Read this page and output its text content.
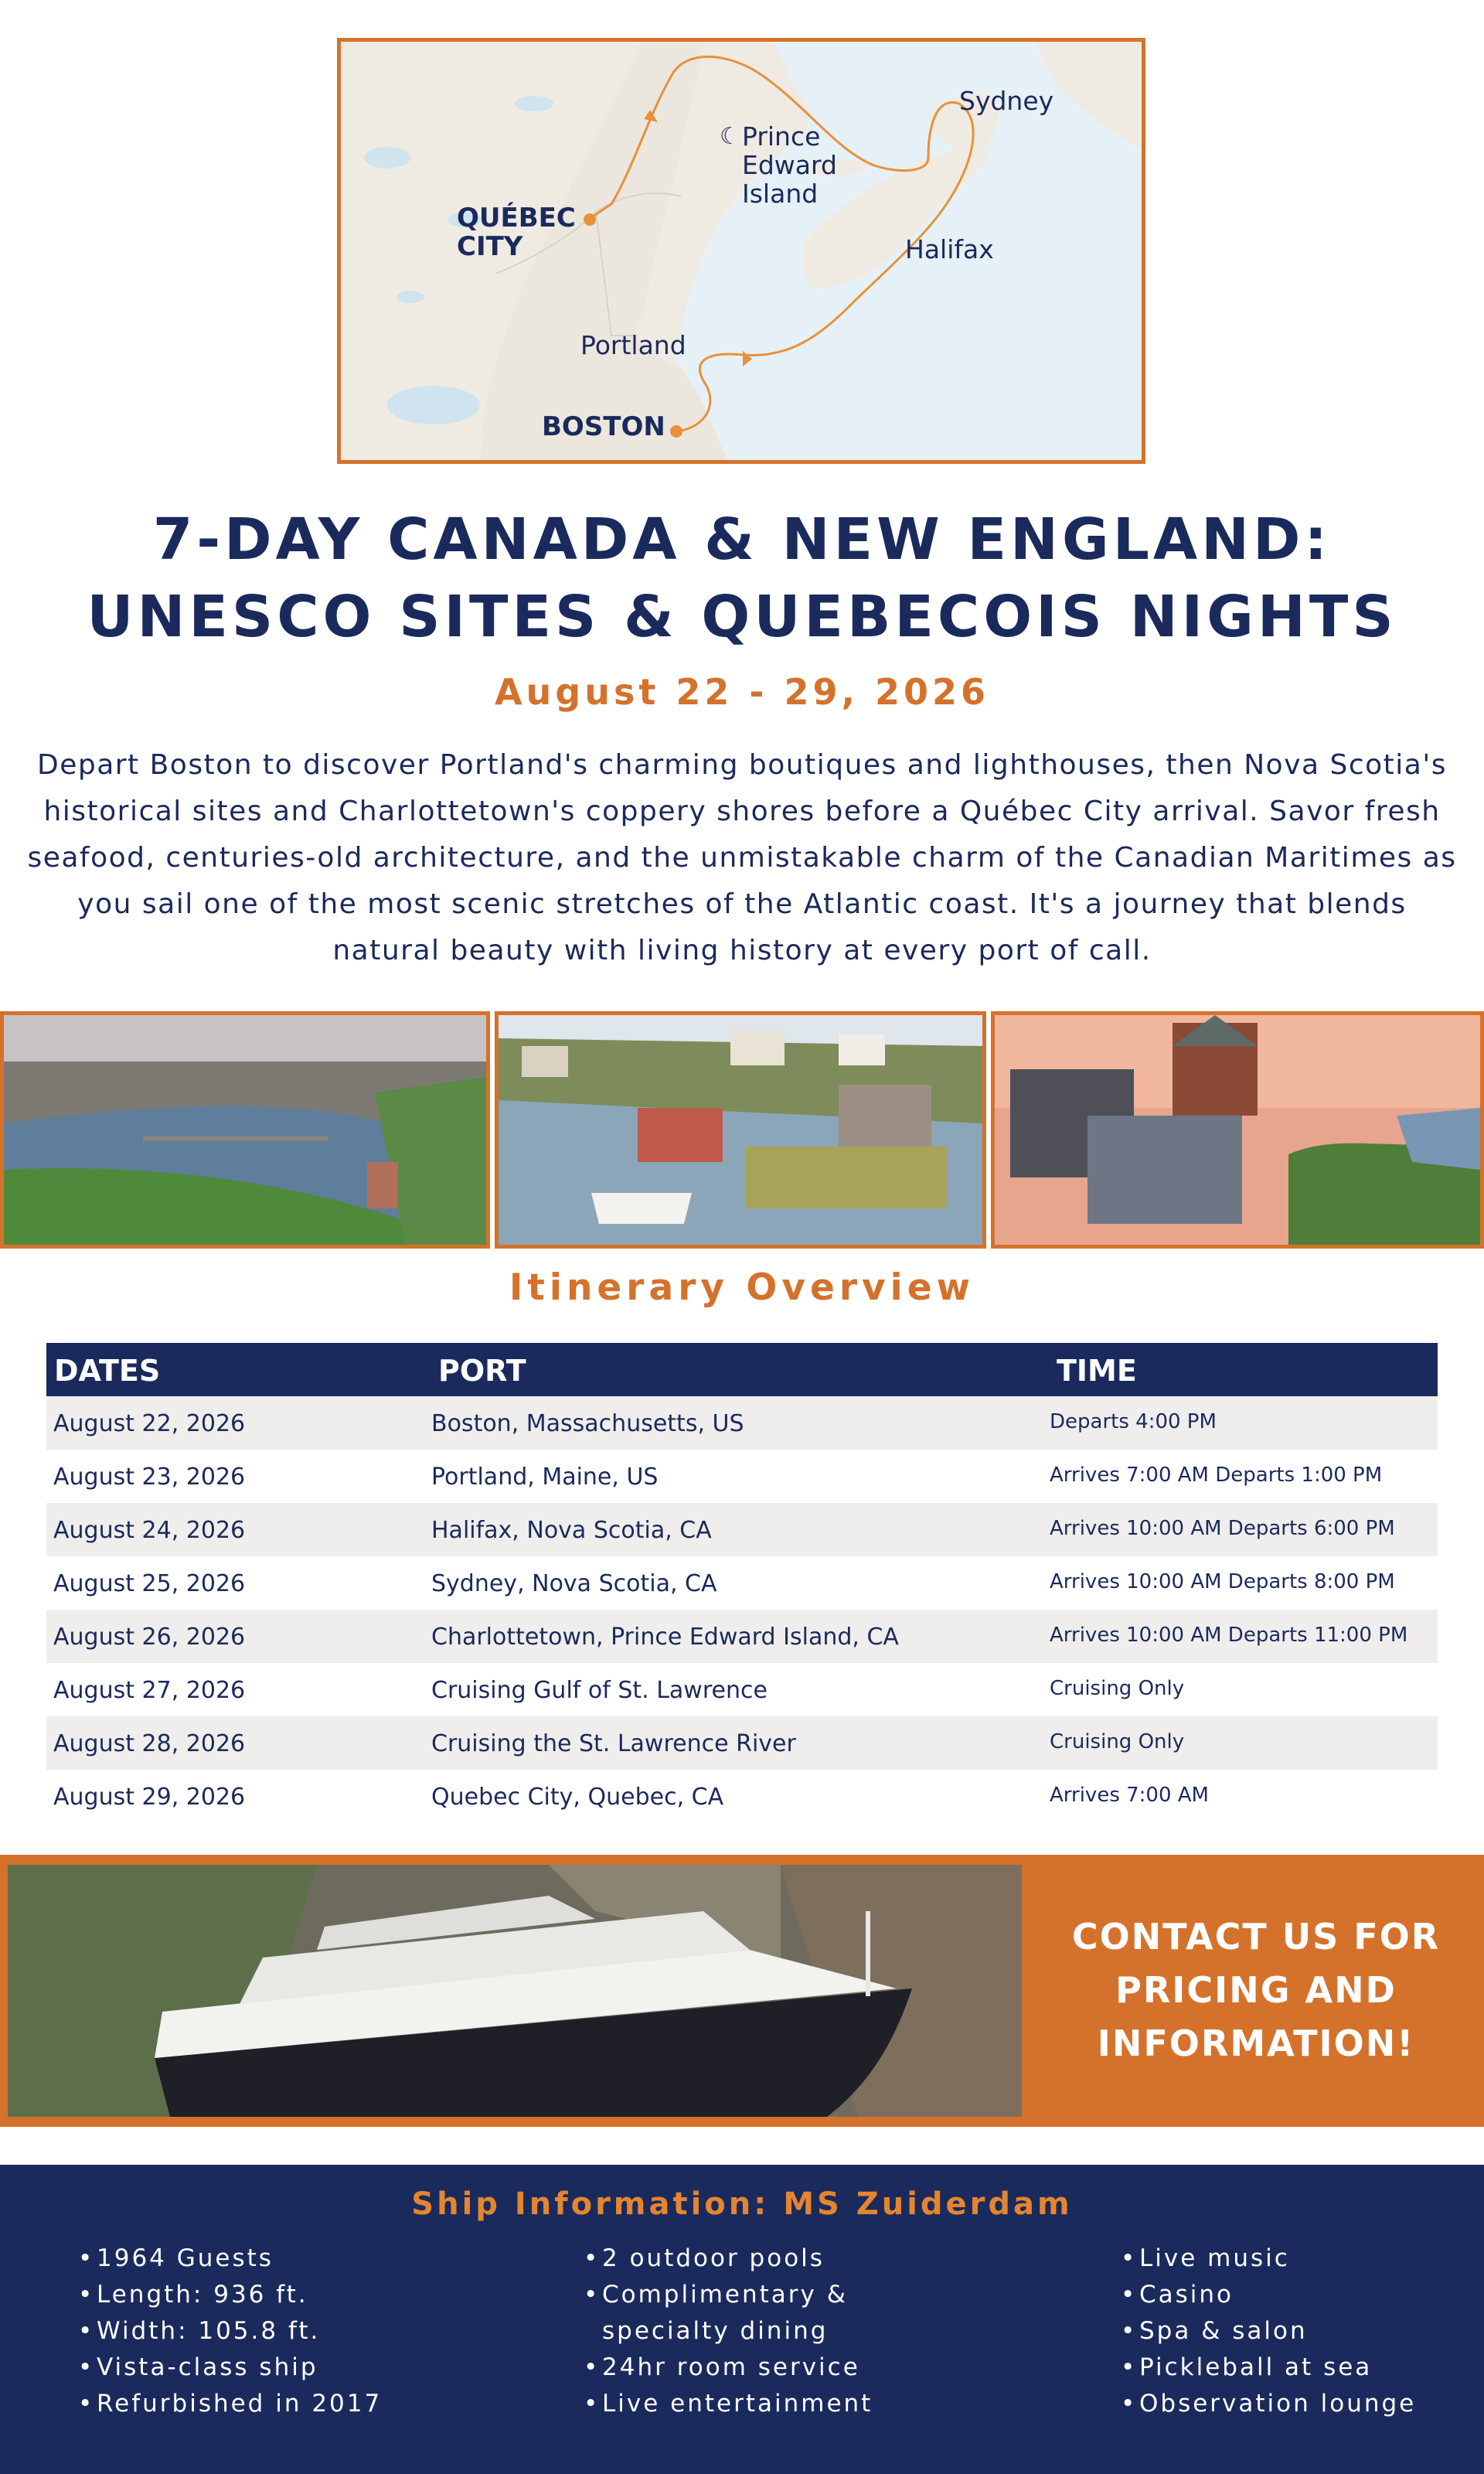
QUÉBEC
CITY
☾ Prince
Edward
Island
Sydney
Halifax
Portland
BOSTON
7-DAY CANADA & NEW ENGLAND:
UNESCO SITES & QUEBECOIS NIGHTS
August 22 - 29, 2026
Depart Boston to discover Portland's charming boutiques and lighthouses, then Nova Scotia's historical sites and Charlottetown's coppery shores before a Québec City arrival. Savor fresh seafood, centuries-old architecture, and the unmistakable charm of the Canadian Maritimes as you sail one of the most scenic stretches of the Atlantic coast. It's a journey that blends natural beauty with living history at every port of call.
Itinerary Overview
DATES	PORT	TIME
August 22, 2026	Boston, Massachusetts, US	Departs 4:00 PM
August 23, 2026	Portland, Maine, US	Arrives 7:00 AM Departs 1:00 PM
August 24, 2026	Halifax, Nova Scotia, CA	Arrives 10:00 AM Departs 6:00 PM
August 25, 2026	Sydney, Nova Scotia, CA	Arrives 10:00 AM Departs 8:00 PM
August 26, 2026	Charlottetown, Prince Edward Island, CA	Arrives 10:00 AM Departs 11:00 PM
August 27, 2026	Cruising Gulf of St. Lawrence	Cruising Only
August 28, 2026	Cruising the St. Lawrence River	Cruising Only
August 29, 2026	Quebec City, Quebec, CA	Arrives 7:00 AM
CONTACT US FOR
PRICING AND
INFORMATION!
Ship Information: MS Zuiderdam
•1964 Guests
•Length: 936 ft.
•Width: 105.8 ft.
•Vista-class ship
•Refurbished in 2017
•2 outdoor pools
•Complimentary &
specialty dining
•24hr room service
•Live entertainment
•Live music
•Casino
•Spa & salon
•Pickleball at sea
•Observation lounge
